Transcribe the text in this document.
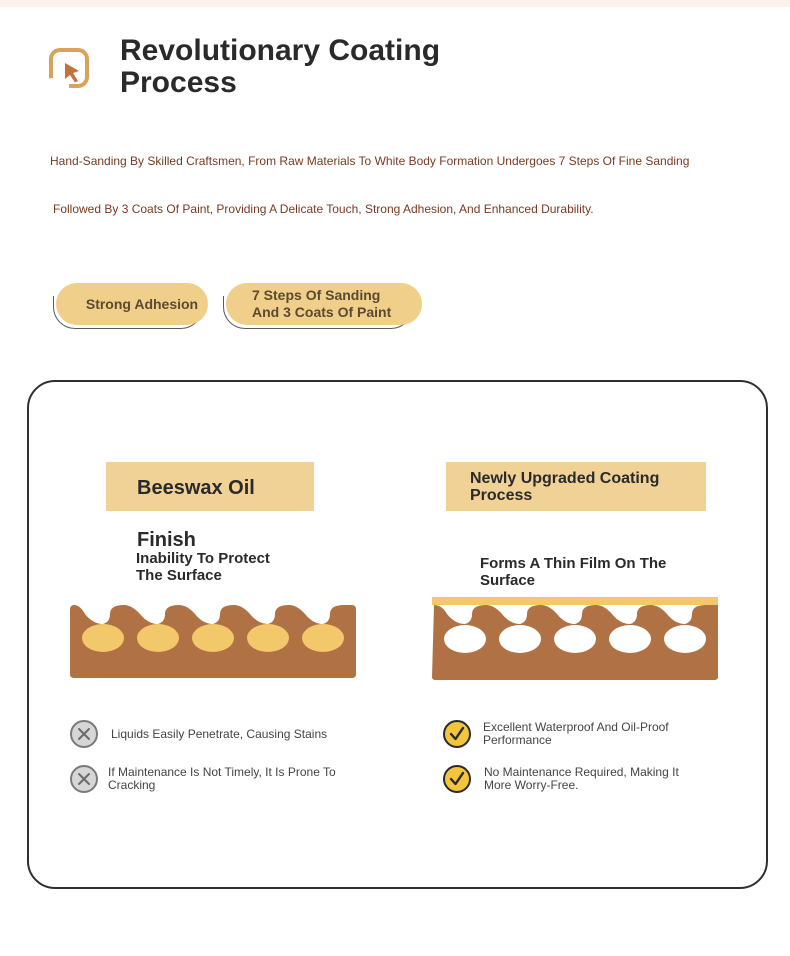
Revolutionary Coating
Process
Hand-Sanding By Skilled Craftsmen, From Raw Materials To White Body Formation Undergoes 7 Steps Of Fine Sanding
Followed By 3 Coats Of Paint, Providing A Delicate Touch, Strong Adhesion, And Enhanced Durability.
Strong Adhesion
7 Steps Of Sanding
And 3 Coats Of Paint
Beeswax Oil Finish
Newly Upgraded Coating
Process
Inability To Protect
The Surface
Forms A Thin Film On The
Surface
Liquids Easily Penetrate, Causing Stains
If Maintenance Is Not Timely, It Is Prone To Cracking
Excellent Waterproof And Oil-Proof Performance
No Maintenance Required, Making It More Worry-Free.
